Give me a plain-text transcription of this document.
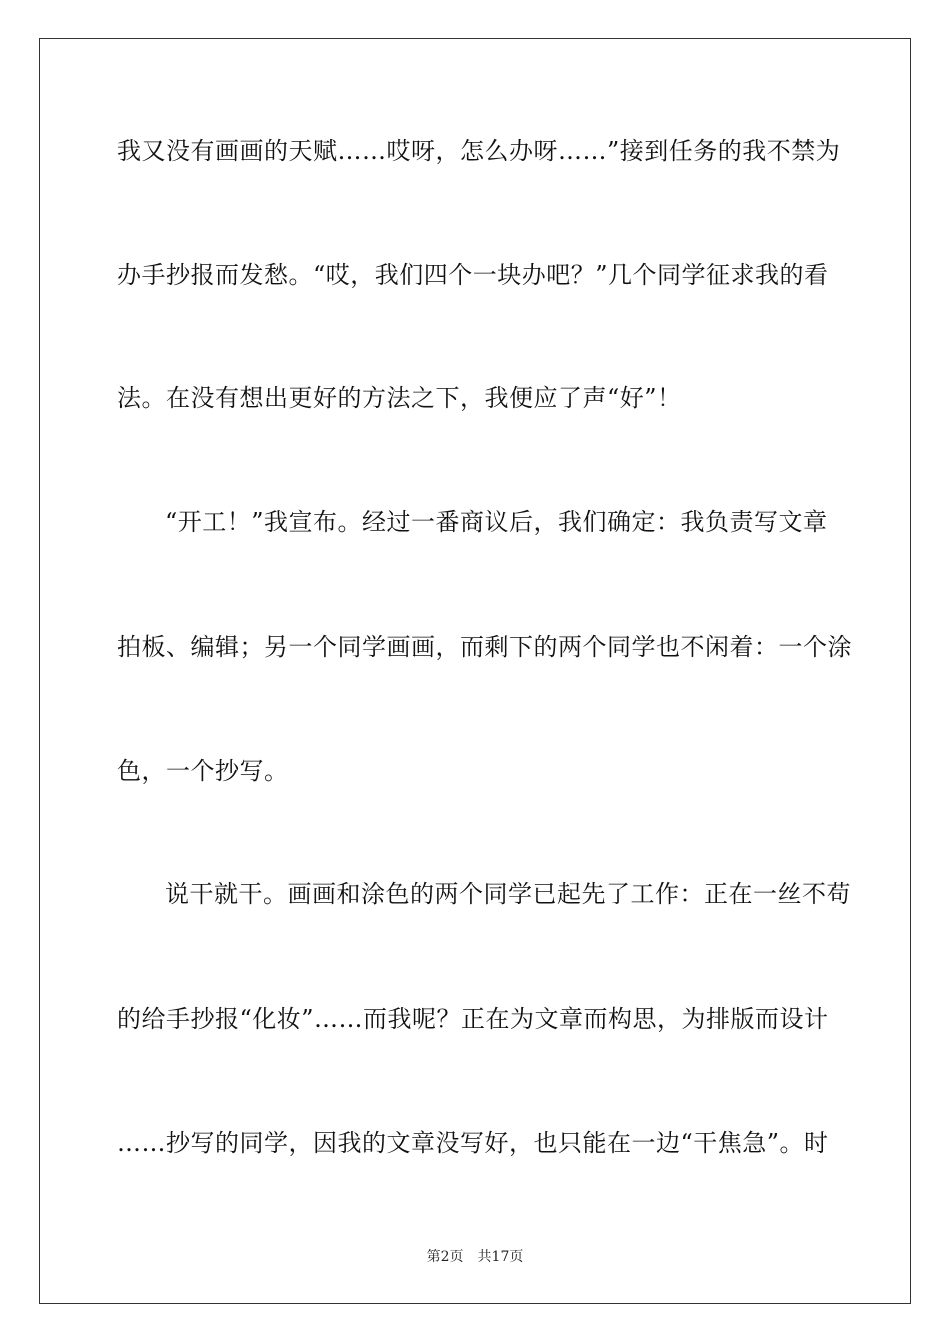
我又没有画画的天赋……哎呀，怎么办呀……”接到任务的我不禁为
办手抄报而发愁。“哎，我们四个一块办吧？”几个同学征求我的看
法。在没有想出更好的方法之下，我便应了声“好”！
“开工！”我宣布。经过一番商议后，我们确定：我负责写文章
拍板、编辑；另一个同学画画，而剩下的两个同学也不闲着：一个涂
色，一个抄写。
说干就干。画画和涂色的两个同学已起先了工作：正在一丝不苟
的给手抄报“化妆”……而我呢？正在为文章而构思，为排版而设计
……抄写的同学，因我的文章没写好，也只能在一边“干焦急”。时
第2页 共17页
